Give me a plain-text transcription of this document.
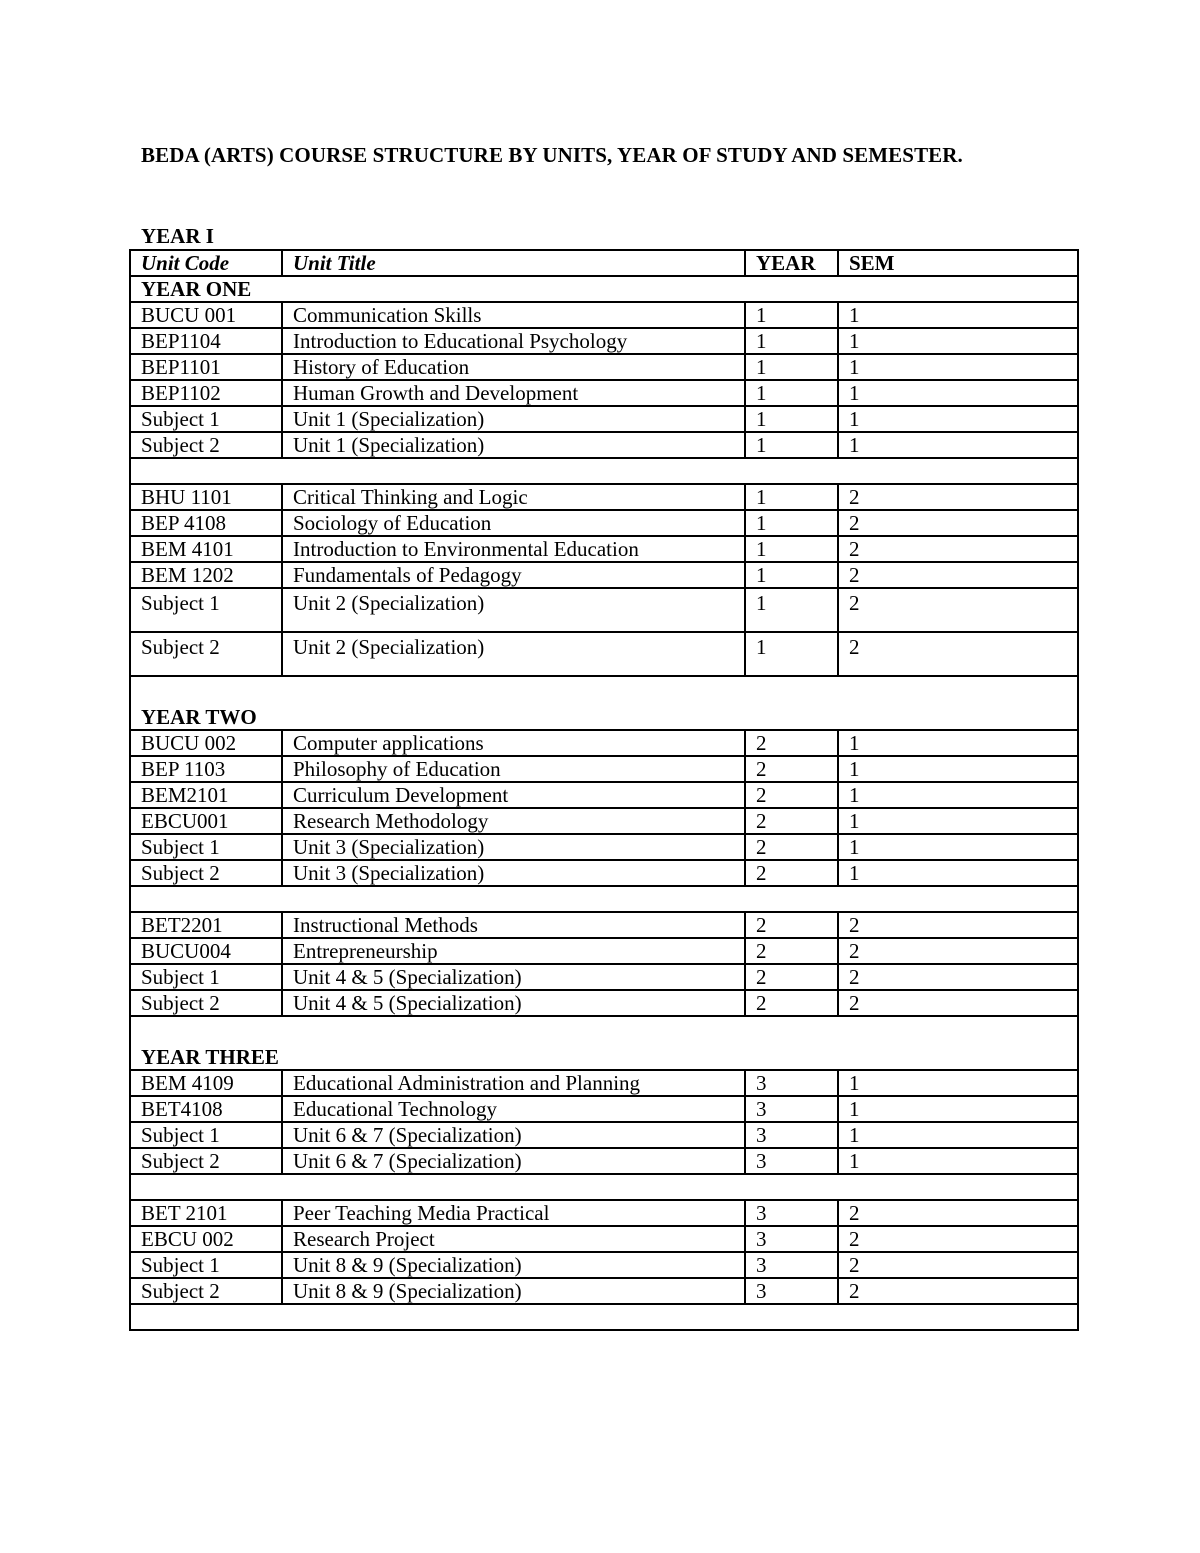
BEDA (ARTS) COURSE STRUCTURE BY UNITS, YEAR OF STUDY AND SEMESTER.
YEAR I
Unit Code	Unit Title	YEAR	SEM
YEAR ONE			
BUCU 001	Communication Skills	1	1
BEP1104	Introduction to Educational Psychology	1	1
BEP1101	History of Education	1	1
BEP1102	Human Growth and Development	1	1
Subject 1	Unit 1 (Specialization)	1	1
Subject 2	Unit 1 (Specialization)	1	1

BHU 1101	Critical Thinking and Logic	1	2
BEP 4108	Sociology of Education	1	2
BEM 4101	Introduction to Environmental Education	1	2
BEM 1202	Fundamentals of Pedagogy	1	2
Subject 1	Unit 2 (Specialization)	1	2
Subject 2	Unit 2 (Specialization)	1	2
YEAR TWO			
BUCU 002	Computer applications	2	1
BEP 1103	Philosophy of Education	2	1
BEM2101	Curriculum Development	2	1
EBCU001	Research Methodology	2	1
Subject 1	Unit 3 (Specialization)	2	1
Subject 2	Unit 3 (Specialization)	2	1

BET2201	Instructional Methods	2	2
BUCU004	Entrepreneurship	2	2
Subject 1	Unit 4 & 5 (Specialization)	2	2
Subject 2	Unit 4 & 5 (Specialization)	2	2
YEAR THREE			
BEM 4109	Educational Administration and Planning	3	1
BET4108	Educational Technology	3	1
Subject 1	Unit 6 & 7 (Specialization)	3	1
Subject 2	Unit 6 & 7 (Specialization)	3	1

BET 2101	Peer Teaching Media Practical	3	2
EBCU 002	Research Project	3	2
Subject 1	Unit 8 & 9 (Specialization)	3	2
Subject 2	Unit 8 & 9 (Specialization)	3	2
